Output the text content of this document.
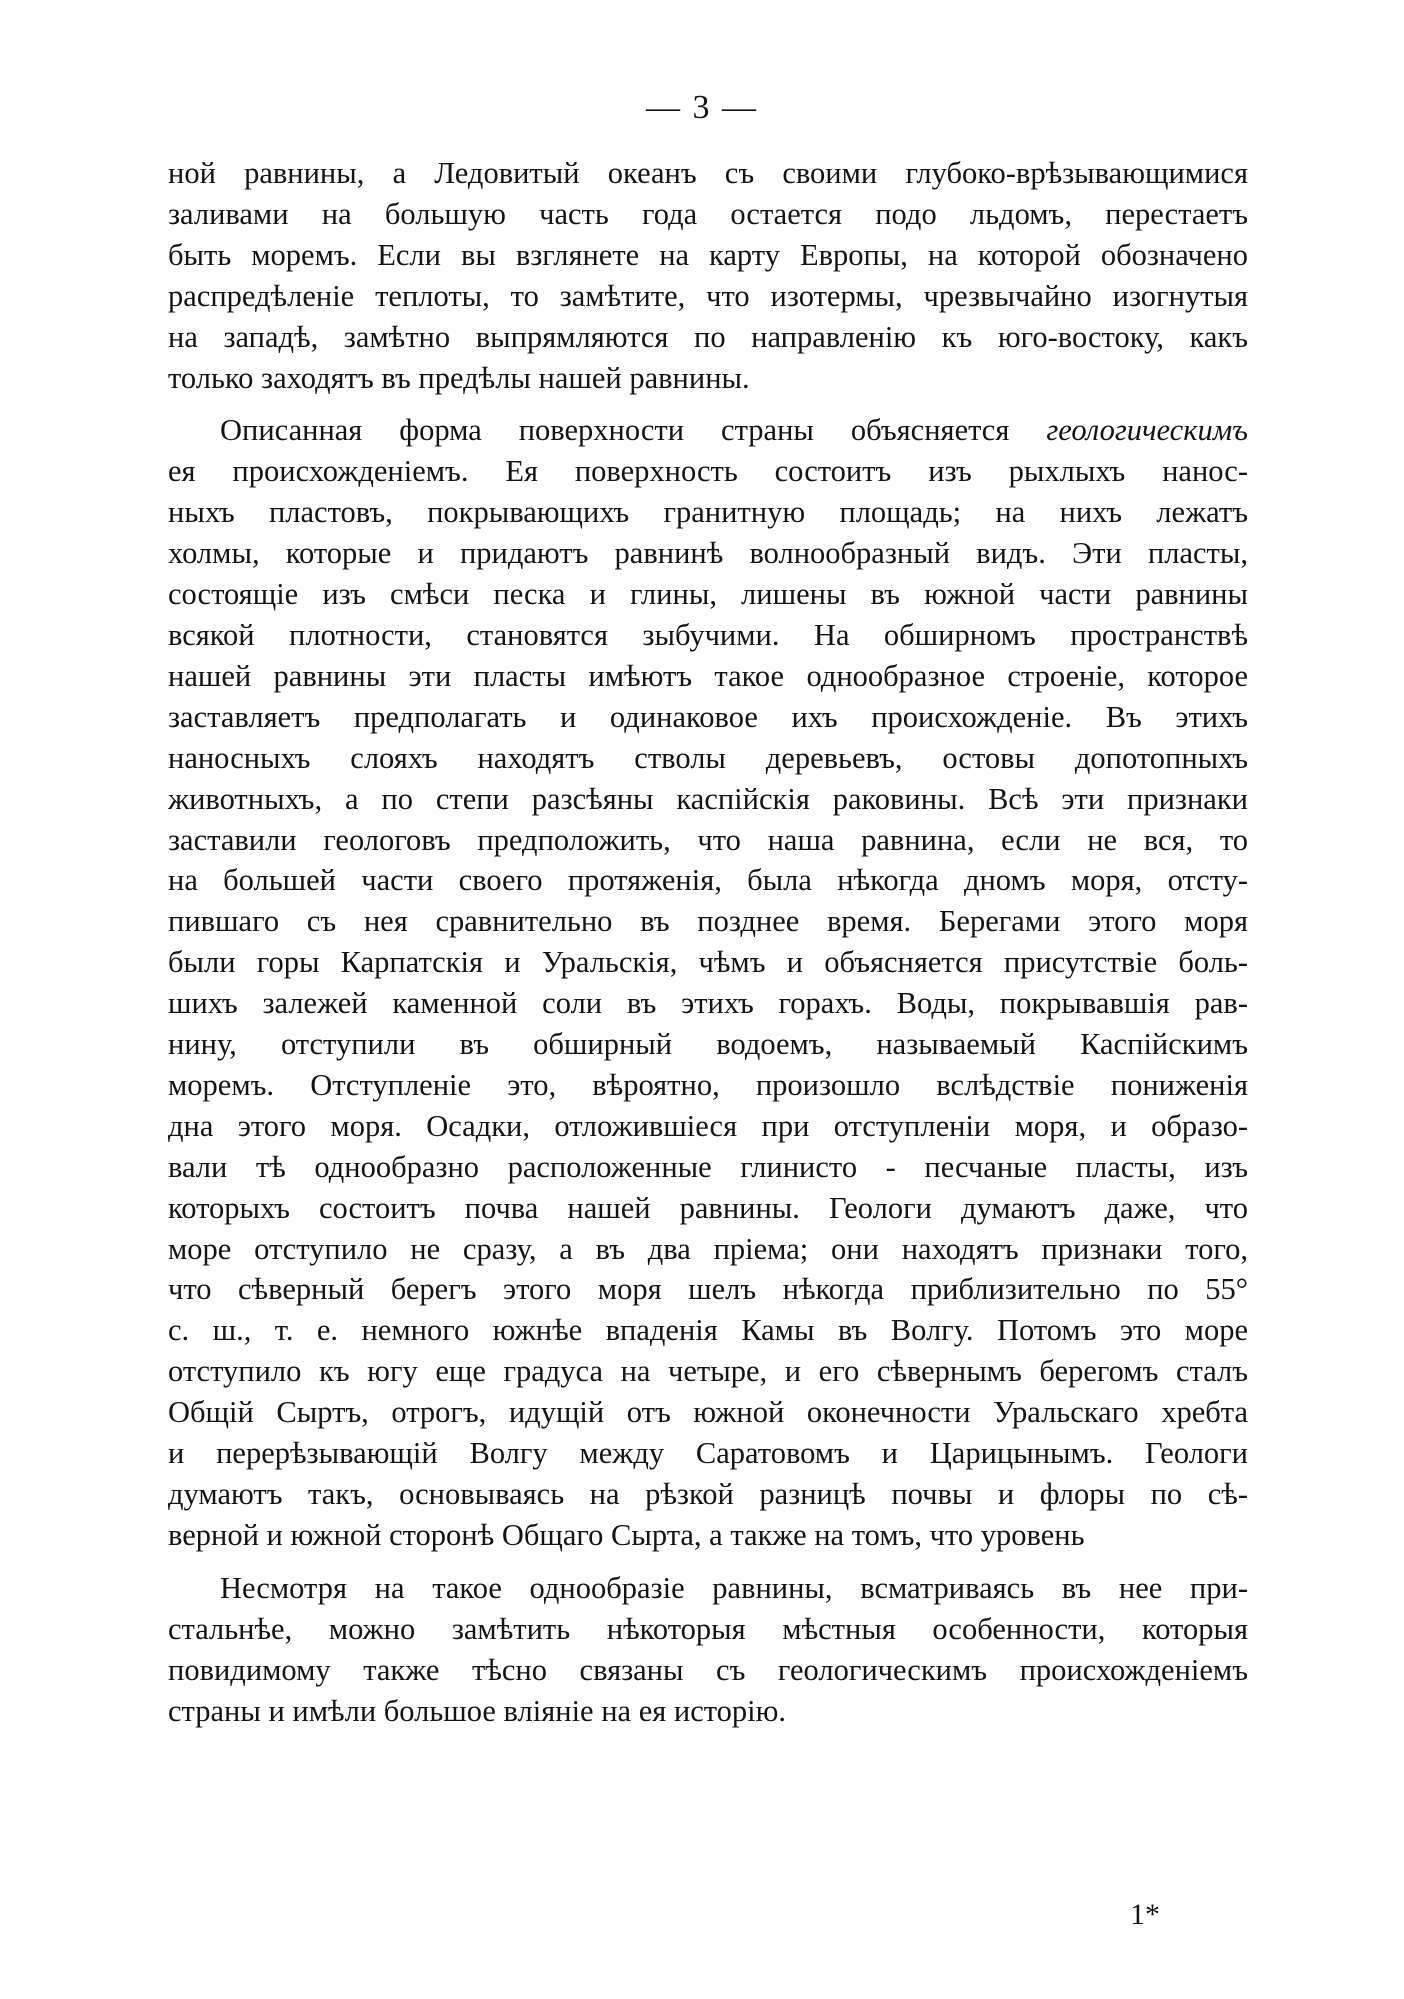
— 3 —
ной равнины, а Ледовитый океанъ съ своими глубоко-врѣзывающимися
заливами на большую часть года остается подо льдомъ, перестаетъ
быть моремъ. Если вы взглянете на карту Европы, на которой обозначено
распредѣленіе теплоты, то замѣтите, что изотермы, чрезвычайно изогнутыя
на западѣ, замѣтно выпрямляются по направленію къ юго-востоку, какъ
только заходятъ въ предѣлы нашей равнины.
Описанная форма поверхности страны объясняется геологическимъ
ея происхожденіемъ. Ея поверхность состоитъ изъ рыхлыхъ нанос-
ныхъ пластовъ, покрывающихъ гранитную площадь; на нихъ лежатъ
холмы, которые и придаютъ равнинѣ волнообразный видъ. Эти пласты,
состоящіе изъ смѣси песка и глины, лишены въ южной части равнины
всякой плотности, становятся зыбучими. На обширномъ пространствѣ
нашей равнины эти пласты имѣютъ такое однообразное строеніе, которое
заставляетъ предполагать и одинаковое ихъ происхожденіе. Въ этихъ
наносныхъ слояхъ находятъ стволы деревьевъ, остовы допотопныхъ
животныхъ, а по степи разсѣяны каспійскія раковины. Всѣ эти признаки
заставили геологовъ предположить, что наша равнина, если не вся, то
на большей части своего протяженія, была нѣкогда дномъ моря, отсту-
пившаго съ нея сравнительно въ позднее время. Берегами этого моря
были горы Карпатскія и Уральскія, чѣмъ и объясняется присутствіе боль-
шихъ залежей каменной соли въ этихъ горахъ. Воды, покрывавшія рав-
нину, отступили въ обширный водоемъ, называемый Каспійскимъ
моремъ. Отступленіе это, вѣроятно, произошло вслѣдствіе пониженія
дна этого моря. Осадки, отложившіеся при отступленіи моря, и образо-
вали тѣ однообразно расположенные глинисто - песчаные пласты, изъ
которыхъ состоитъ почва нашей равнины. Геологи думаютъ даже, что
море отступило не сразу, а въ два пріема; они находятъ признаки того,
что сѣверный берегъ этого моря шелъ нѣкогда приблизительно по 55°
с. ш., т. е. немного южнѣе впаденія Камы въ Волгу. Потомъ это море
отступило къ югу еще градуса на четыре, и его сѣвернымъ берегомъ сталъ
Общій Сыртъ, отрогъ, идущій отъ южной оконечности Уральскаго хребта
и перерѣзывающій Волгу между Саратовомъ и Царицынымъ. Геологи
думаютъ такъ, основываясь на рѣзкой разницѣ почвы и флоры по сѣ-
верной и южной сторонѣ Общаго Сырта, а также на томъ, что уровень
Несмотря на такое однообразіе равнины, всматриваясь въ нее при-
стальнѣе, можно замѣтить нѣкоторыя мѣстныя особенности, которыя
повидимому также тѣсно связаны съ геологическимъ происхожденіемъ
страны и имѣли большое вліяніе на ея исторію.
1*
